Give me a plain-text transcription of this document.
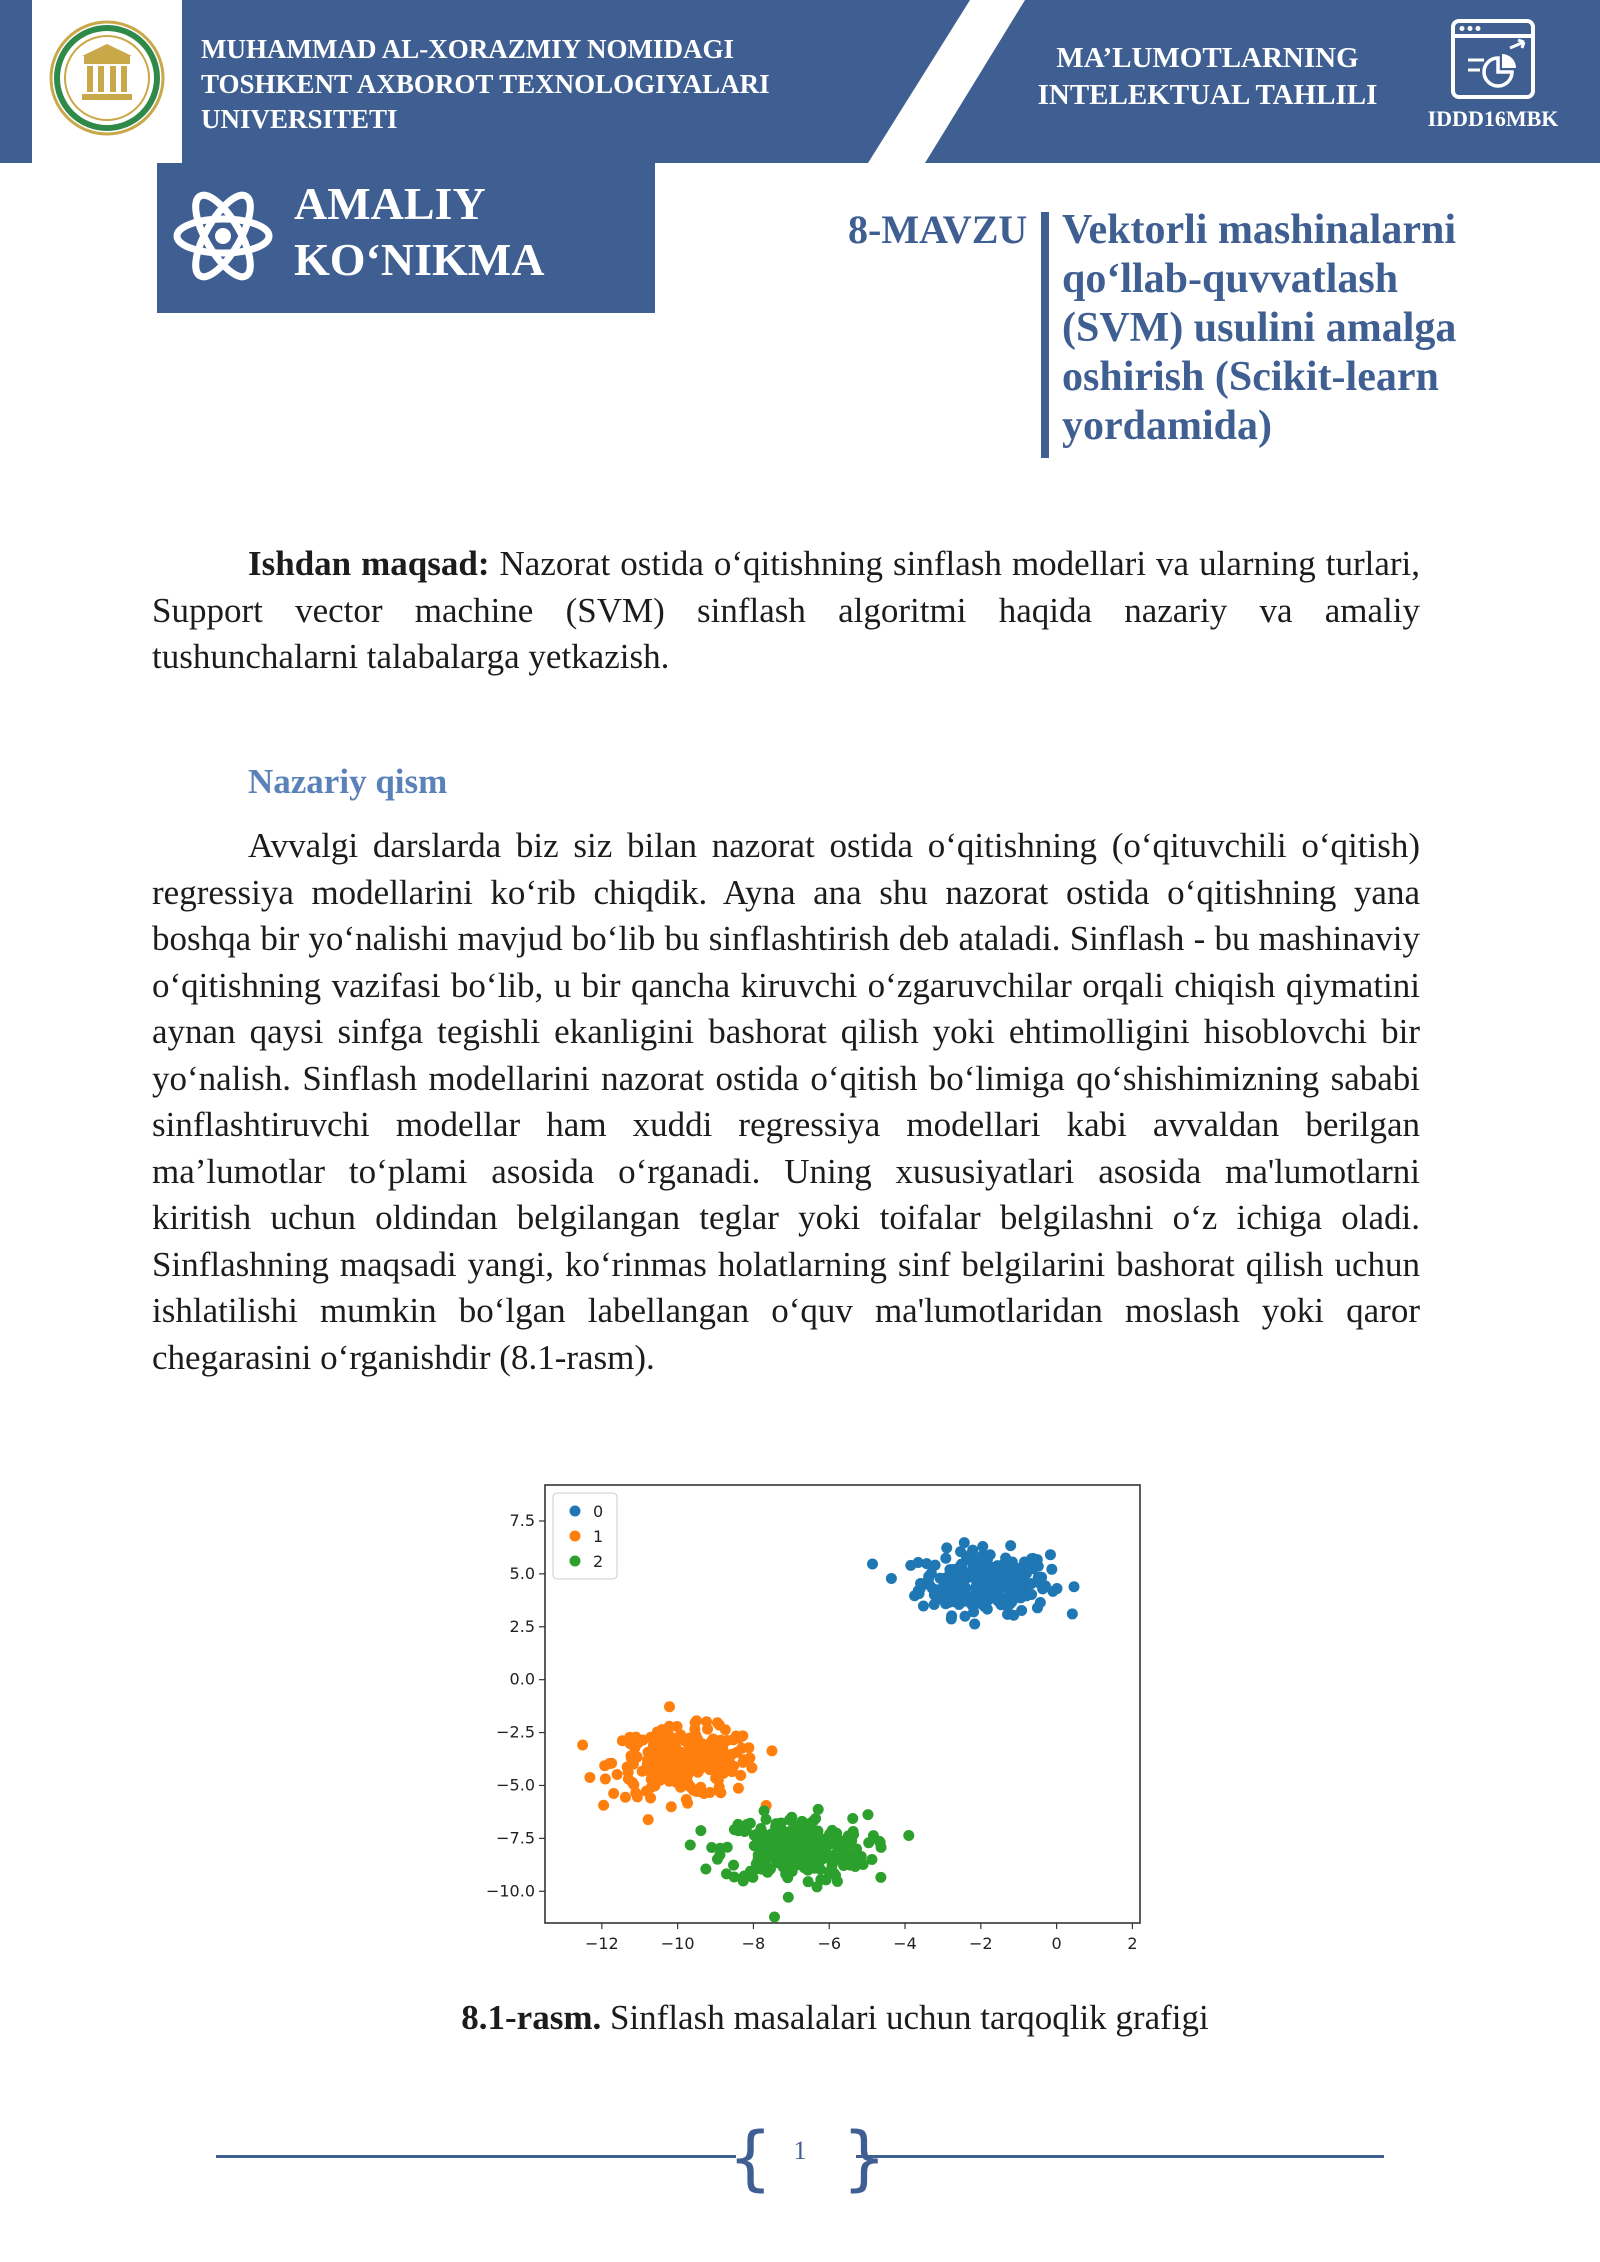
MUHAMMAD AL-XORAZMIY NOMIDAGI
TOSHKENT AXBOROT TEXNOLOGIYALARI
UNIVERSITETI
MA’LUMOTLARNING
INTELEKTUAL TAHLILI
IDDD16MBK
AMALIY
KO‘NIKMA
8-MAVZU Vektorli mashinalarni
qo‘llab-quvvatlash
(SVM) usulini amalga
oshirish (Scikit-learn
yordamida)

Ishdan maqsad: Nazorat ostida o‘qitishning sinflash modellari va ularning turlari, Support vector machine (SVM) sinflash algoritmi haqida nazariy va amaliy tushunchalarni talabalarga yetkazish.

Nazariy qism

Avvalgi darslarda biz siz bilan nazorat ostida o‘qitishning (o‘qituvchili o‘qitish) regressiya modellarini ko‘rib chiqdik. Ayna ana shu nazorat ostida o‘qitishning yana boshqa bir yo‘nalishi mavjud bo‘lib bu sinflashtirish deb ataladi. Sinflash - bu mashinaviy o‘qitishning vazifasi bo‘lib, u bir qancha kiruvchi o‘zgaruvchilar orqali chiqish qiymatini aynan qaysi sinfga tegishli ekanligini bashorat qilish yoki ehtimolligini hisoblovchi bir yo‘nalish. Sinflash modellarini nazorat ostida o‘qitish bo‘limiga qo‘shishimizning sababi sinflashtiruvchi modellar ham xuddi regressiya modellari kabi avvaldan berilgan ma’lumotlar to‘plami asosida o‘rganadi. Uning xususiyatlari asosida ma'lumotlarni kiritish uchun oldindan belgilangan teglar yoki toifalar belgilashni o‘z ichiga oladi. Sinflashning maqsadi yangi, ko‘rinmas holatlarning sinf belgilarini bashorat qilish uchun ishlatilishi mumkin bo‘lgan labellangan o‘quv ma'lumotlaridan moslash yoki qaror chegarasini o‘rganishdir (8.1-rasm).

−12	−10	−8	−6	−4	−2	0	2
7.5
5.0
2.5
0.0
−2.5
−5.0
−7.5
−10.0
0
1
2
8.1-rasm. Sinflash masalalari uchun tarqoqlik grafigi
{ }
1
